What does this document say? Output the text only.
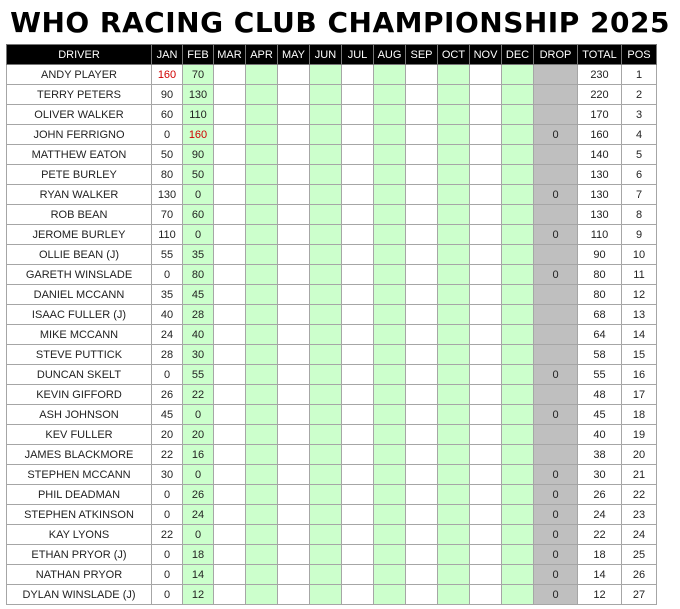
WHO RACING CLUB CHAMPIONSHIP 2025
DRIVER	JAN	FEB	MAR	APR	MAY	JUN	JUL	AUG	SEP	OCT	NOV	DEC	DROP	TOTAL	POS
ANDY PLAYER	160	70												230	1
TERRY PETERS	90	130												220	2
OLIVER WALKER	60	110												170	3
JOHN FERRIGNO	0	160											0	160	4
MATTHEW EATON	50	90												140	5
PETE BURLEY	80	50												130	6
RYAN WALKER	130	0											0	130	7
ROB BEAN	70	60												130	8
JEROME BURLEY	110	0											0	110	9
OLLIE BEAN (J)	55	35												90	10
GARETH WINSLADE	0	80											0	80	11
DANIEL MCCANN	35	45												80	12
ISAAC FULLER (J)	40	28												68	13
MIKE MCCANN	24	40												64	14
STEVE PUTTICK	28	30												58	15
DUNCAN SKELT	0	55											0	55	16
KEVIN GIFFORD	26	22												48	17
ASH JOHNSON	45	0											0	45	18
KEV FULLER	20	20												40	19
JAMES BLACKMORE	22	16												38	20
STEPHEN MCCANN	30	0											0	30	21
PHIL DEADMAN	0	26											0	26	22
STEPHEN ATKINSON	0	24											0	24	23
KAY LYONS	22	0											0	22	24
ETHAN PRYOR (J)	0	18											0	18	25
NATHAN PRYOR	0	14											0	14	26
DYLAN WINSLADE (J)	0	12											0	12	27
